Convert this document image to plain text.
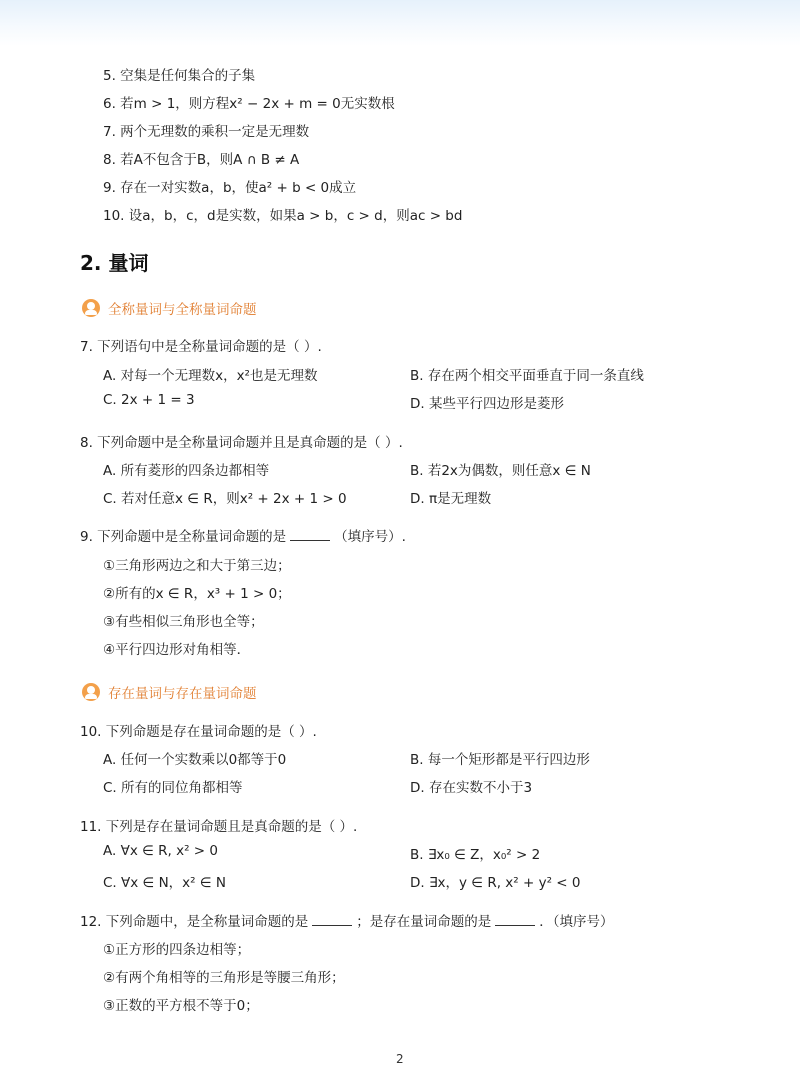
5. 空集是任何集合的子集
6. 若m > 1，则方程x² − 2x + m = 0无实数根
7. 两个无理数的乘积一定是无理数
8. 若A不包含于B，则A ∩ B ≠ A
9. 存在一对实数a，b，使a² + b < 0成立
10. 设a，b，c，d是实数，如果a > b，c > d，则ac > bd
2. 量词
全称量词与全称量词命题
7. 下列语句中是全称量词命题的是（ ）.
A. 对每一个无理数x，x²也是无理数	B. 存在两个相交平面垂直于同一条直线
C. 2x + 1 = 3	D. 某些平行四边形是菱形
8. 下列命题中是全称量词命题并且是真命题的是（ ）.
A. 所有菱形的四条边都相等	B. 若2x为偶数，则任意x ∈ N
C. 若对任意x ∈ R，则x² + 2x + 1 > 0	D. π是无理数
9. 下列命题中是全称量词命题的是	（填序号）.
①三角形两边之和大于第三边；
②所有的x ∈ R，x³ + 1 > 0；
③有些相似三角形也全等；
④平行四边形对角相等．
存在量词与存在量词命题
10. 下列命题是存在量词命题的是（ ）.
A. 任何一个实数乘以0都等于0	B. 每一个矩形都是平行四边形
C. 所有的同位角都相等	D. 存在实数不小于3
11. 下列是存在量词命题且是真命题的是（ ）.
A. ∀x ∈ R, x² > 0	B. ∃x₀ ∈ Z，x₀² > 2
C. ∀x ∈ N，x² ∈ N	D. ∃x，y ∈ R, x² + y² < 0
12. 下列命题中，是全称量词命题的是	；是存在量词命题的是	．（填序号）
①正方形的四条边相等；
②有两个角相等的三角形是等腰三角形；
③正数的平方根不等于0；
2
